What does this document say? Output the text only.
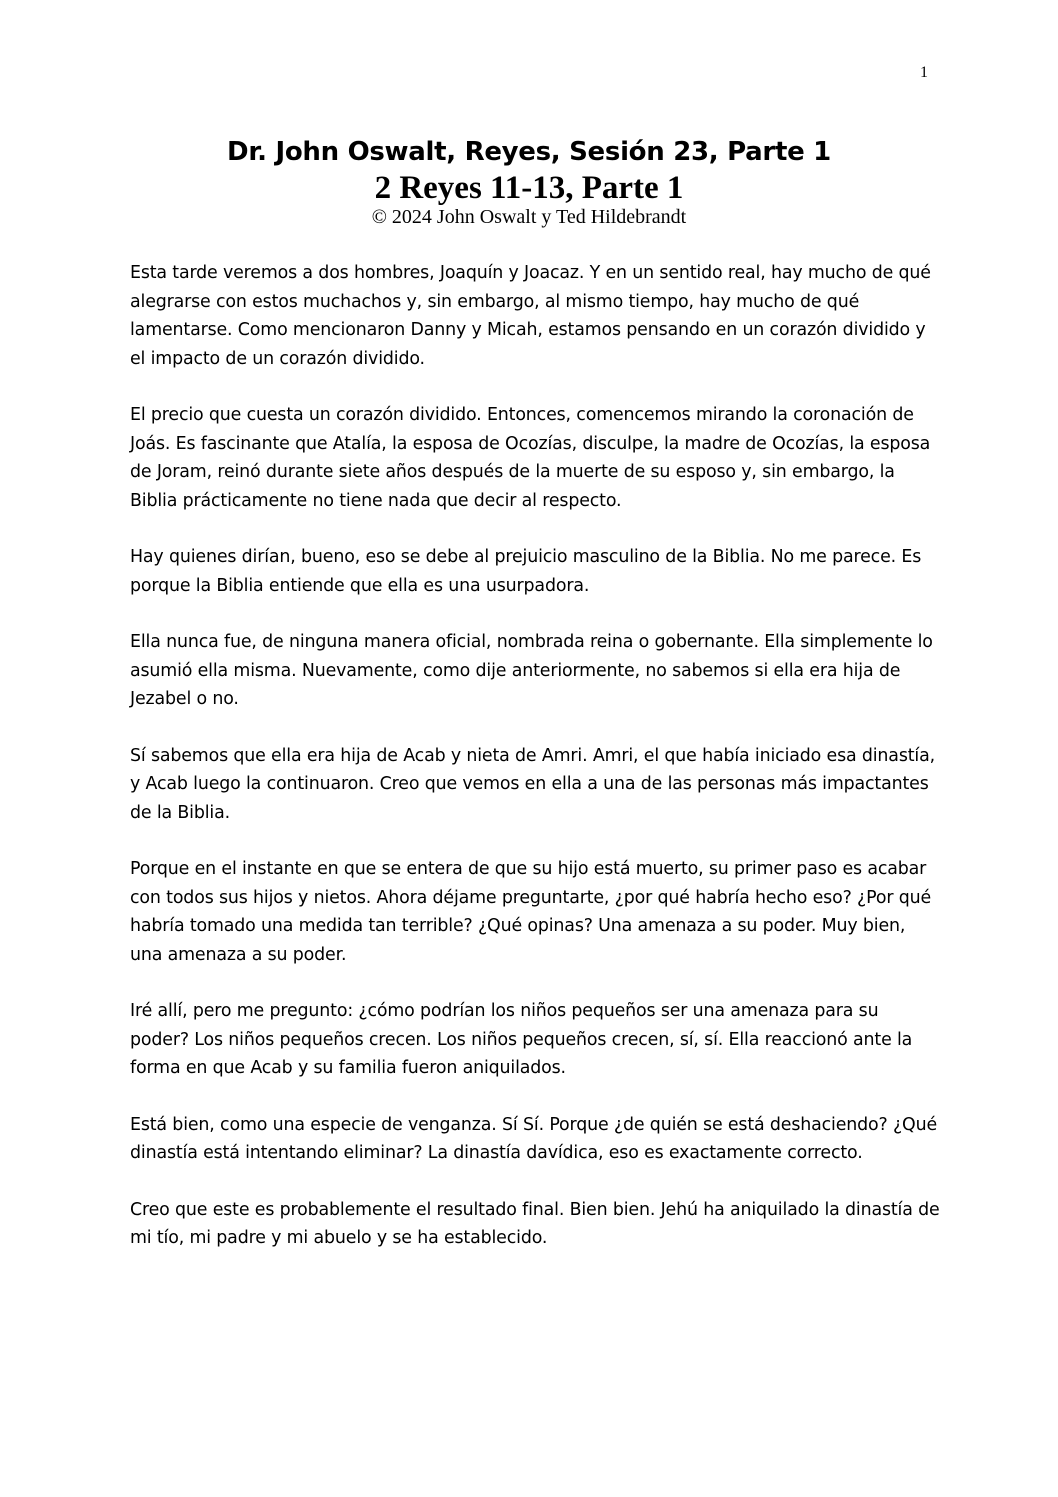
1
Dr. John Oswalt, Reyes, Sesión 23, Parte 1
2 Reyes 11-13, Parte 1

© 2024 John Oswalt y Ted Hildebrandt

Esta tarde veremos a dos hombres, Joaquín y Joacaz. Y en un sentido real, hay mucho de qué alegrarse con estos muchachos y, sin embargo, al mismo tiempo, hay mucho de qué lamentarse. Como mencionaron Danny y Micah, estamos pensando en un corazón dividido y el impacto de un corazón dividido.

El precio que cuesta un corazón dividido. Entonces, comencemos mirando la coronación de Joás. Es fascinante que Atalía, la esposa de Ocozías, disculpe, la madre de Ocozías, la esposa de Joram, reinó durante siete años después de la muerte de su esposo y, sin embargo, la Biblia prácticamente no tiene nada que decir al respecto.

Hay quienes dirían, bueno, eso se debe al prejuicio masculino de la Biblia. No me parece. Es porque la Biblia entiende que ella es una usurpadora.

Ella nunca fue, de ninguna manera oficial, nombrada reina o gobernante. Ella simplemente lo asumió ella misma. Nuevamente, como dije anteriormente, no sabemos si ella era hija de Jezabel o no.

Sí sabemos que ella era hija de Acab y nieta de Amri. Amri, el que había iniciado esa dinastía, y Acab luego la continuaron. Creo que vemos en ella a una de las personas más impactantes de la Biblia.

Porque en el instante en que se entera de que su hijo está muerto, su primer paso es acabar con todos sus hijos y nietos. Ahora déjame preguntarte, ¿por qué habría hecho eso? ¿Por qué habría tomado una medida tan terrible? ¿Qué opinas? Una amenaza a su poder. Muy bien, una amenaza a su poder.

Iré allí, pero me pregunto: ¿cómo podrían los niños pequeños ser una amenaza para su poder? Los niños pequeños crecen. Los niños pequeños crecen, sí, sí. Ella reaccionó ante la forma en que Acab y su familia fueron aniquilados.

Está bien, como una especie de venganza. Sí Sí. Porque ¿de quién se está deshaciendo? ¿Qué dinastía está intentando eliminar? La dinastía davídica, eso es exactamente correcto.

Creo que este es probablemente el resultado final. Bien bien. Jehú ha aniquilado la dinastía de mi tío, mi padre y mi abuelo y se ha establecido.
